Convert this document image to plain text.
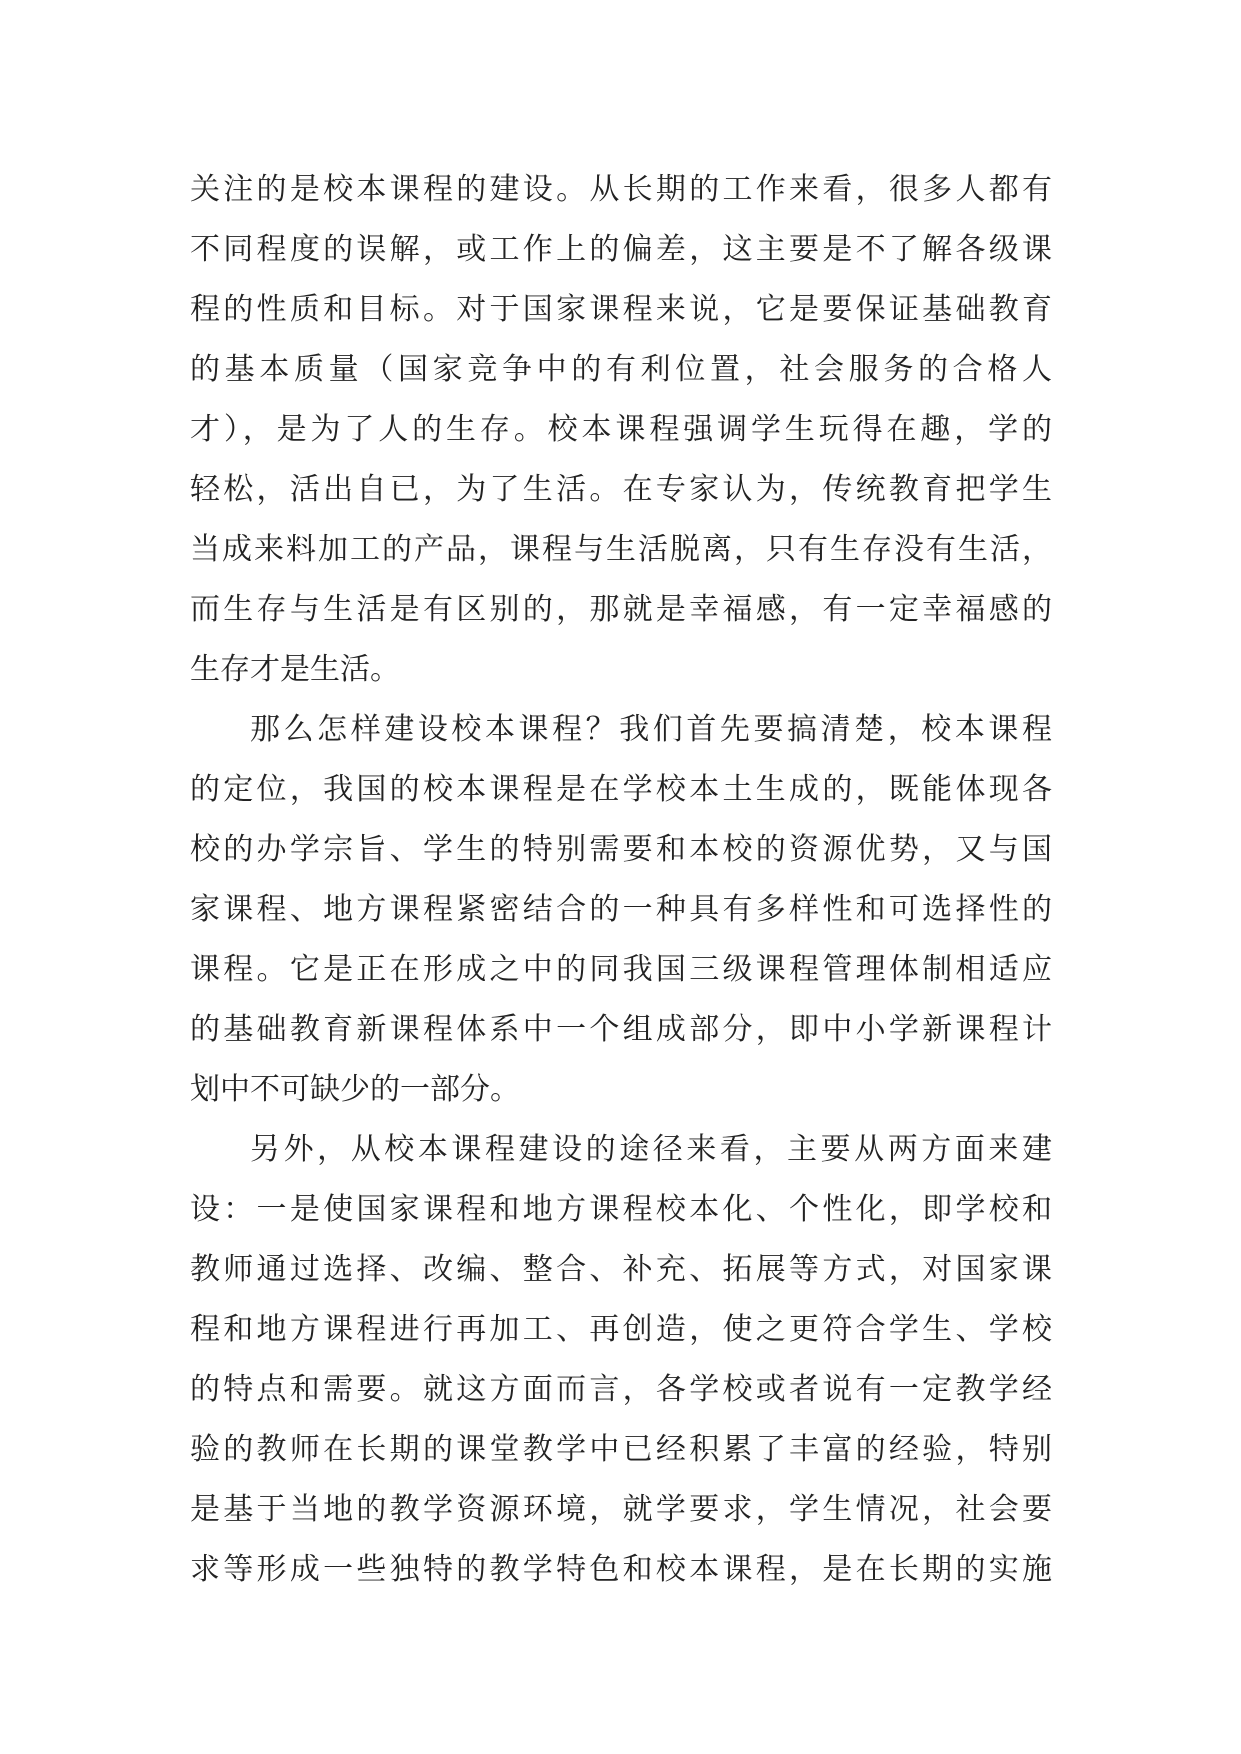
关注的是校本课程的建设。从长期的工作来看，很多人都有
不同程度的误解，或工作上的偏差，这主要是不了解各级课
程的性质和目标。对于国家课程来说，它是要保证基础教育
的基本质量（国家竞争中的有利位置，社会服务的合格人
才），是为了人的生存。校本课程强调学生玩得在趣，学的
轻松，活出自已，为了生活。在专家认为，传统教育把学生
当成来料加工的产品，课程与生活脱离，只有生存没有生活，
而生存与生活是有区别的，那就是幸福感，有一定幸福感的
生存才是生活。
那么怎样建设校本课程？我们首先要搞清楚，校本课程
的定位，我国的校本课程是在学校本土生成的，既能体现各
校的办学宗旨、学生的特别需要和本校的资源优势，又与国
家课程、地方课程紧密结合的一种具有多样性和可选择性的
课程。它是正在形成之中的同我国三级课程管理体制相适应
的基础教育新课程体系中一个组成部分，即中小学新课程计
划中不可缺少的一部分。
另外，从校本课程建设的途径来看，主要从两方面来建
设：一是使国家课程和地方课程校本化、个性化，即学校和
教师通过选择、改编、整合、补充、拓展等方式，对国家课
程和地方课程进行再加工、再创造，使之更符合学生、学校
的特点和需要。就这方面而言，各学校或者说有一定教学经
验的教师在长期的课堂教学中已经积累了丰富的经验，特别
是基于当地的教学资源环境，就学要求，学生情况，社会要
求等形成一些独特的教学特色和校本课程，是在长期的实施
